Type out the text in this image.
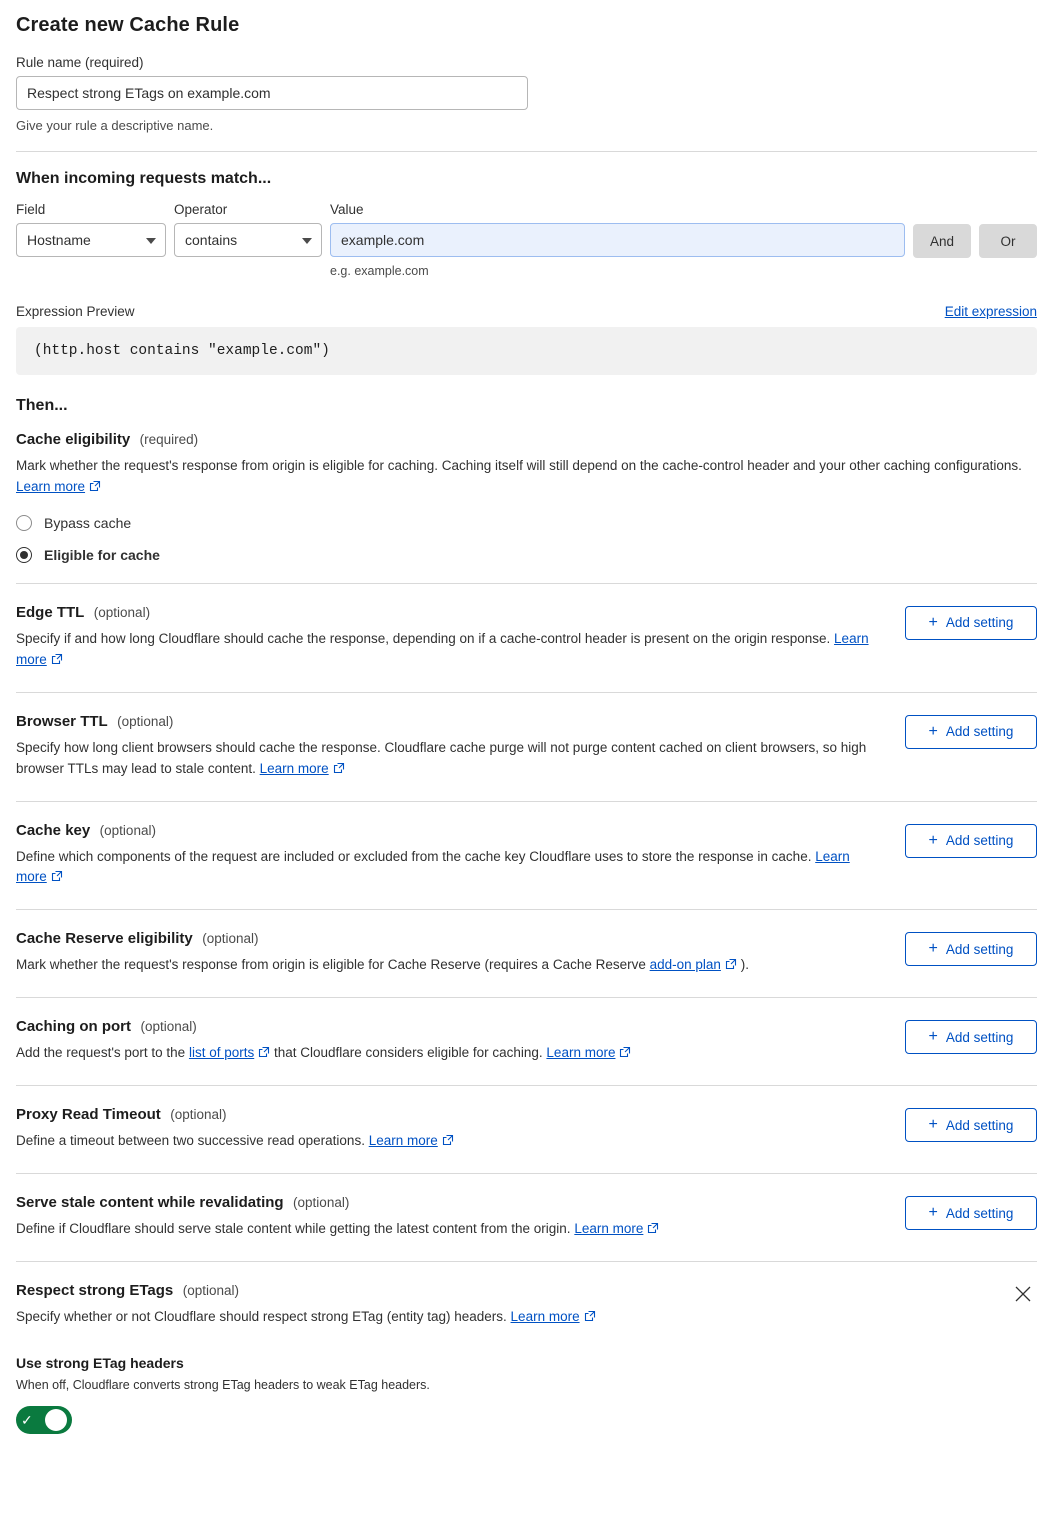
Create new Cache Rule
Rule name (required)
Respect strong ETags on example.com
Give your rule a descriptive name.
When incoming requests match...
Field
Hostname
Operator
contains
Value
example.com
e.g. example.com
And	Or
Expression Preview	Edit expression
(http.host contains "example.com")
Then...
Cache eligibility (required)
Mark whether the request's response from origin is eligible for caching. Caching itself will still depend on the cache-control header and your other caching configurations. Learn more
Bypass cache
Eligible for cache
Edge TTL (optional)
Specify if and how long Cloudflare should cache the response, depending on if a cache-control header is present on the origin response. Learn more
+ Add setting
Browser TTL (optional)
Specify how long client browsers should cache the response. Cloudflare cache purge will not purge content cached on client browsers, so high browser TTLs may lead to stale content. Learn more
+ Add setting
Cache key (optional)
Define which components of the request are included or excluded from the cache key Cloudflare uses to store the response in cache. Learn more
+ Add setting
Cache Reserve eligibility (optional)
Mark whether the request's response from origin is eligible for Cache Reserve (requires a Cache Reserve add-on plan ).
+ Add setting
Caching on port (optional)
Add the request's port to the list of ports that Cloudflare considers eligible for caching. Learn more
+ Add setting
Proxy Read Timeout (optional)
Define a timeout between two successive read operations. Learn more
+ Add setting
Serve stale content while revalidating (optional)
Define if Cloudflare should serve stale content while getting the latest content from the origin. Learn more
+ Add setting
Respect strong ETags (optional)
Specify whether or not Cloudflare should respect strong ETag (entity tag) headers. Learn more
Use strong ETag headers
When off, Cloudflare converts strong ETag headers to weak ETag headers.
✓
